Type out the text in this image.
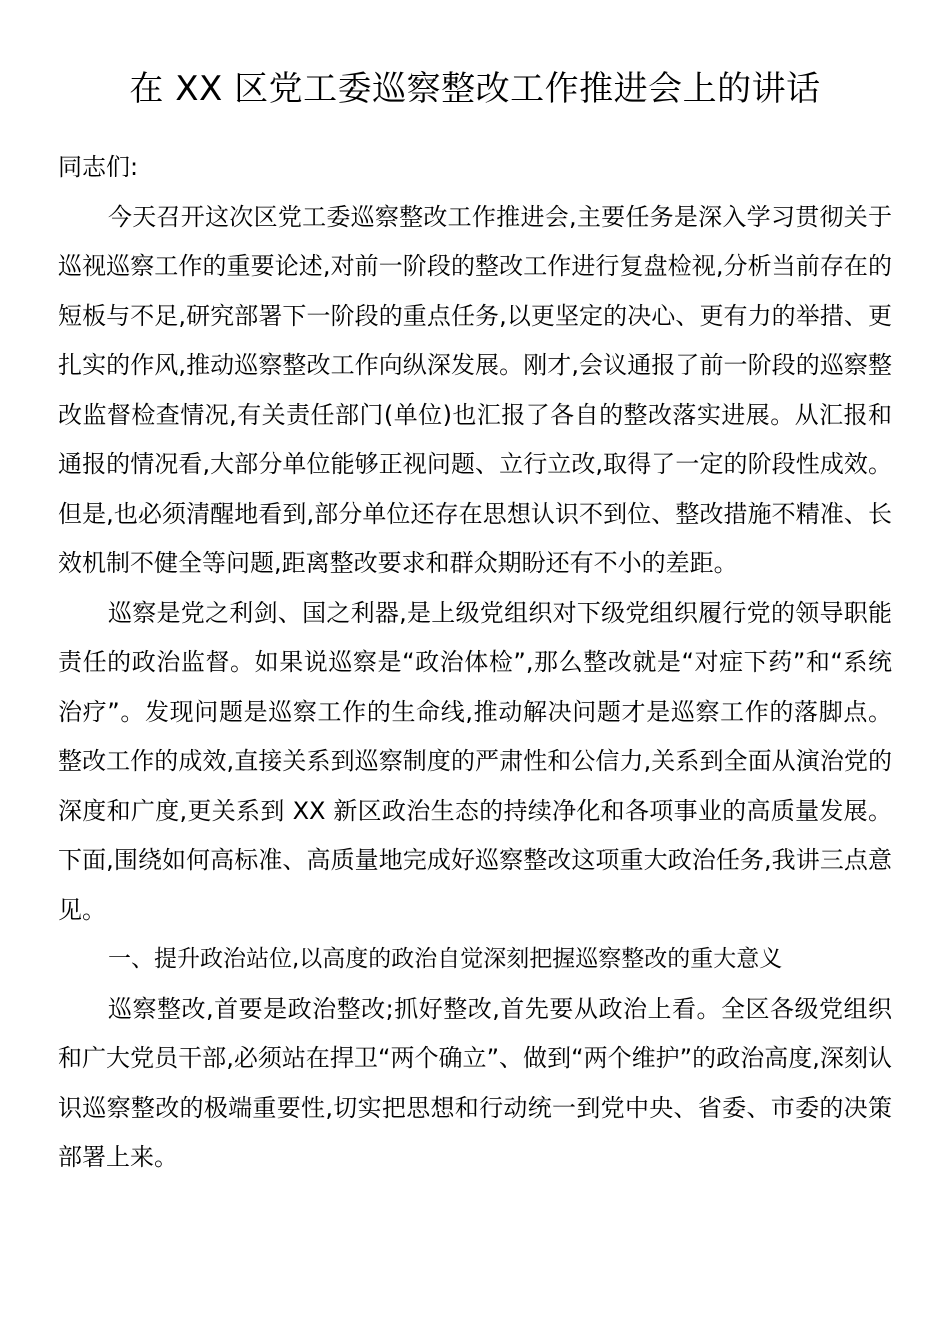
在 XX 区党工委巡察整改工作推进会上的讲话

同志们:

今天召开这次区党工委巡察整改工作推进会,主要任务是深入学习贯彻关于巡视巡察工作的重要论述,对前一阶段的整改工作进行复盘检视,分析当前存在的短板与不足,研究部署下一阶段的重点任务,以更坚定的决心、更有力的举措、更扎实的作风,推动巡察整改工作向纵深发展。刚才,会议通报了前一阶段的巡察整改监督检查情况,有关责任部门(单位)也汇报了各自的整改落实进展。从汇报和通报的情况看,大部分单位能够正视问题、立行立改,取得了一定的阶段性成效。但是,也必须清醒地看到,部分单位还存在思想认识不到位、整改措施不精准、长效机制不健全等问题,距离整改要求和群众期盼还有不小的差距。

巡察是党之利剑、国之利器,是上级党组织对下级党组织履行党的领导职能责任的政治监督。如果说巡察是“政治体检”,那么整改就是“对症下药”和“系统治疗”。发现问题是巡察工作的生命线,推动解决问题才是巡察工作的落脚点。整改工作的成效,直接关系到巡察制度的严肃性和公信力,关系到全面从演治党的深度和广度,更关系到 XX 新区政治生态的持续净化和各项事业的高质量发展。下面,围绕如何高标准、高质量地完成好巡察整改这项重大政治任务,我讲三点意见。

一、提升政治站位,以高度的政治自觉深刻把握巡察整改的重大意义

巡察整改,首要是政治整改;抓好整改,首先要从政治上看。全区各级党组织和广大党员干部,必须站在捍卫“两个确立”、做到“两个维护”的政治高度,深刻认识巡察整改的极端重要性,切实把思想和行动统一到党中央、省委、市委的决策部署上来。
